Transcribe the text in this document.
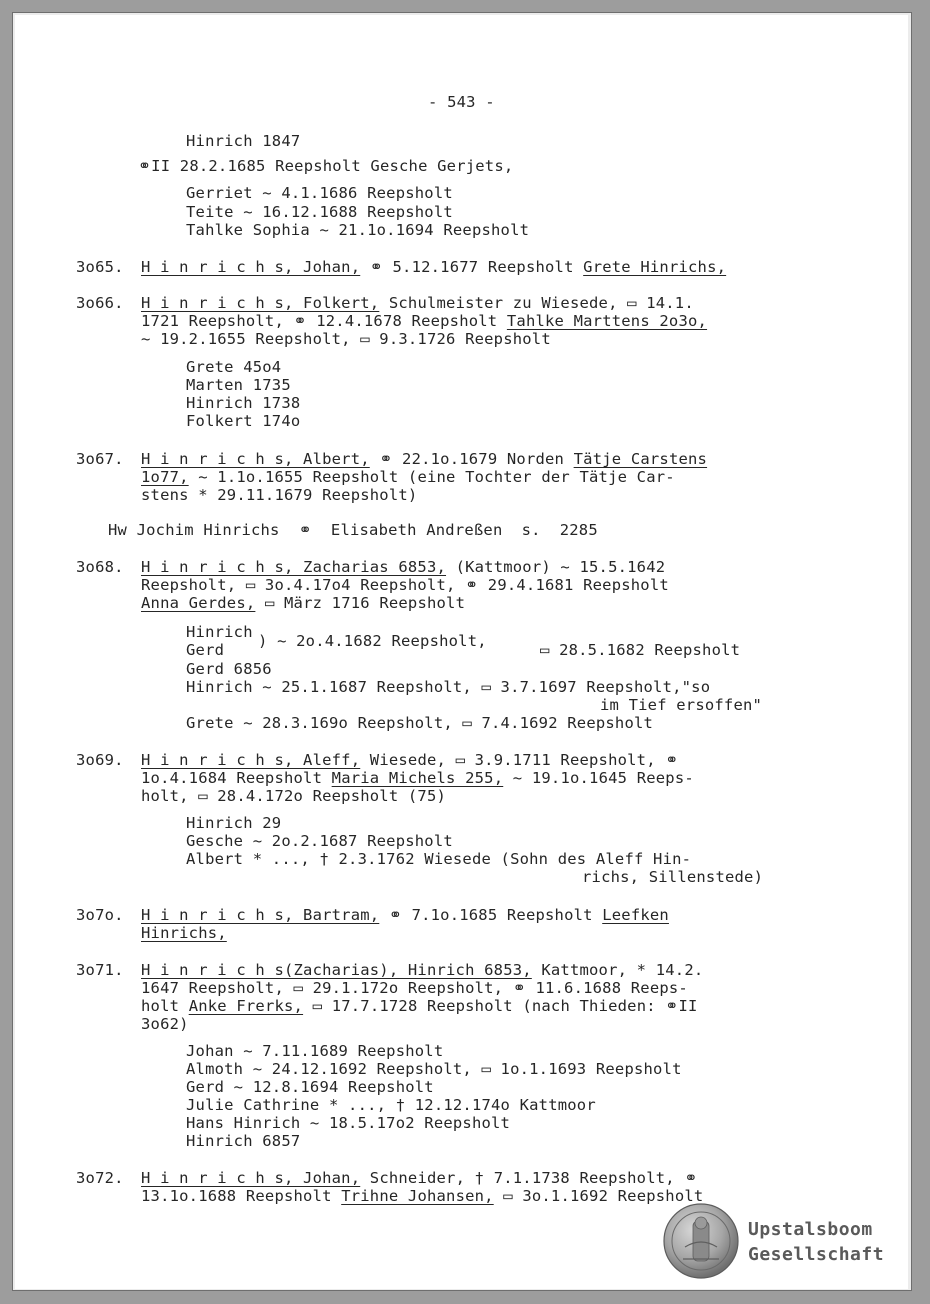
- 543 -
Hinrich 1847
⚭II 28.2.1685 Reepsholt Gesche Gerjets,
Gerriet ~ 4.1.1686 Reepsholt
Teite ~ 16.12.1688 Reepsholt
Tahlke Sophia ~ 21.1o.1694 Reepsholt
3o65. H i n r i c h s, Johan, ⚭ 5.12.1677 Reepsholt Grete Hinrichs,
3o66. H i n r i c h s, Folkert, Schulmeister zu Wiesede, ▭ 14.1.
1721 Reepsholt, ⚭ 12.4.1678 Reepsholt Tahlke Marttens 2o3o,
~ 19.2.1655 Reepsholt, ▭ 9.3.1726 Reepsholt
Grete 45o4
Marten 1735
Hinrich 1738
Folkert 174o
3o67. H i n r i c h s, Albert, ⚭ 22.1o.1679 Norden Tätje Carstens
1o77, ~ 1.1o.1655 Reepsholt (eine Tochter der Tätje Car-
stens * 29.11.1679 Reepsholt)
Hw Jochim Hinrichs ⚭ Elisabeth Andreßen s. 2285
3o68. H i n r i c h s, Zacharias 6853, (Kattmoor) ~ 15.5.1642
Reepsholt, ▭ 3o.4.17o4 Reepsholt, ⚭ 29.4.1681 Reepsholt
Anna Gerdes, ▭ März 1716 Reepsholt
Hinrich
Gerd ) ~ 2o.4.1682 Reepsholt,	▭ 28.5.1682 Reepsholt
Gerd 6856
Hinrich ~ 25.1.1687 Reepsholt, ▭ 3.7.1697 Reepsholt,"so
im Tief ersoffen"
Grete ~ 28.3.169o Reepsholt, ▭ 7.4.1692 Reepsholt
3o69. H i n r i c h s, Aleff, Wiesede, ▭ 3.9.1711 Reepsholt, ⚭
1o.4.1684 Reepsholt Maria Michels 255, ~ 19.1o.1645 Reeps-
holt, ▭ 28.4.172o Reepsholt (75)
Hinrich 29
Gesche ~ 2o.2.1687 Reepsholt
Albert * ..., † 2.3.1762 Wiesede (Sohn des Aleff Hin-
richs, Sillenstede)
3o7o. H i n r i c h s, Bartram, ⚭ 7.1o.1685 Reepsholt Leefken
Hinrichs,
3o71. H i n r i c h s(Zacharias), Hinrich 6853, Kattmoor, * 14.2.
1647 Reepsholt, ▭ 29.1.172o Reepsholt, ⚭ 11.6.1688 Reeps-
holt Anke Frerks, ▭ 17.7.1728 Reepsholt (nach Thieden: ⚭II
3o62)
Johan ~ 7.11.1689 Reepsholt
Almoth ~ 24.12.1692 Reepsholt, ▭ 1o.1.1693 Reepsholt
Gerd ~ 12.8.1694 Reepsholt
Julie Cathrine * ..., † 12.12.174o Kattmoor
Hans Hinrich ~ 18.5.17o2 Reepsholt
Hinrich 6857
3o72. H i n r i c h s, Johan, Schneider, † 7.1.1738 Reepsholt, ⚭
13.1o.1688 Reepsholt Trihne Johansen, ▭ 3o.1.1692 Reepsholt
Upstalsboom
Gesellschaft
